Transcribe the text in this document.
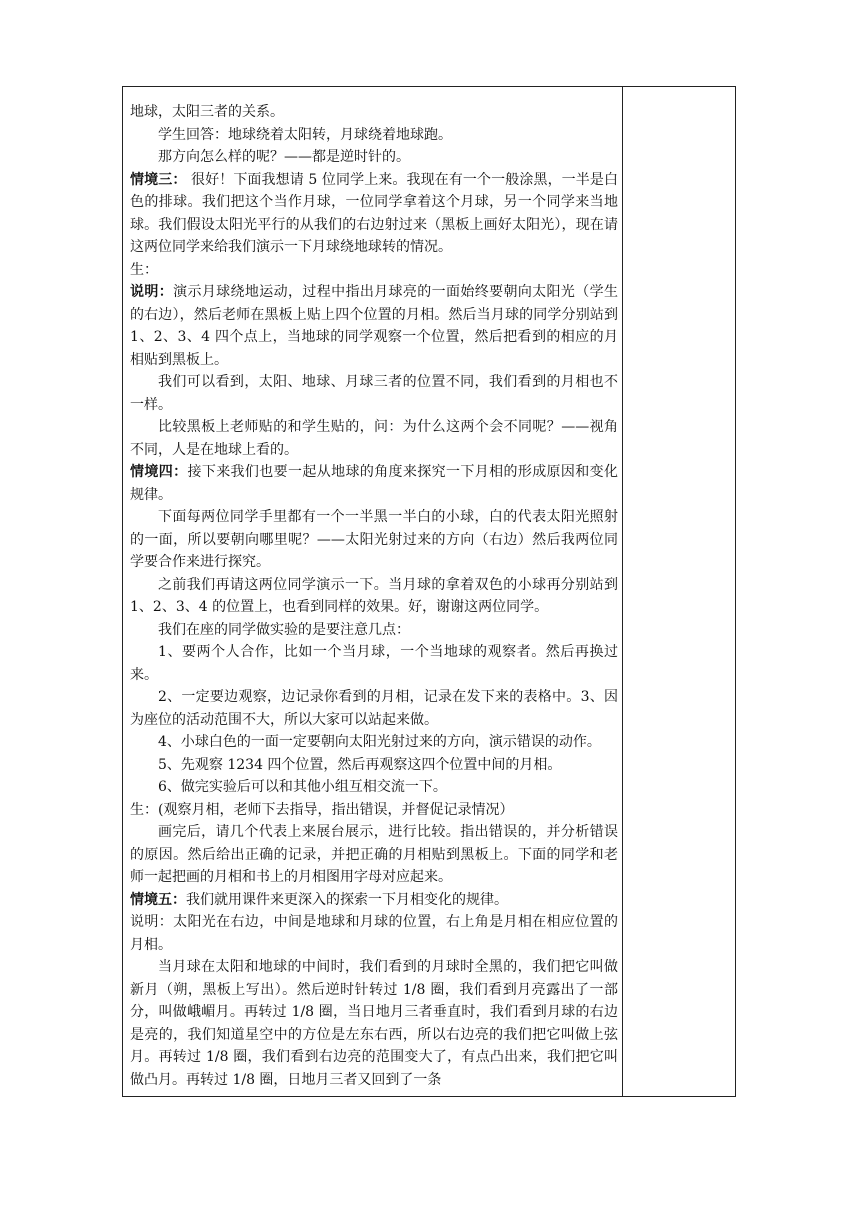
地球，太阳三者的关系。

学生回答：地球绕着太阳转，月球绕着地球跑。

那方向怎么样的呢？——都是逆时针的。

情境三： 很好！下面我想请 5 位同学上来。我现在有一个一般涂黑，一半是白色的排球。我们把这个当作月球，一位同学拿着这个月球，另一个同学来当地球。我们假设太阳光平行的从我们的右边射过来（黑板上画好太阳光），现在请这两位同学来给我们演示一下月球绕地球转的情况。

生：

说明：演示月球绕地运动，过程中指出月球亮的一面始终要朝向太阳光（学生的右边），然后老师在黑板上贴上四个位置的月相。然后当月球的同学分别站到 1、2、3、4 四个点上，当地球的同学观察一个位置，然后把看到的相应的月相贴到黑板上。

我们可以看到，太阳、地球、月球三者的位置不同，我们看到的月相也不一样。

比较黑板上老师贴的和学生贴的，问：为什么这两个会不同呢？——视角不同，人是在地球上看的。

情境四：接下来我们也要一起从地球的角度来探究一下月相的形成原因和变化规律。

下面每两位同学手里都有一个一半黑一半白的小球，白的代表太阳光照射的一面，所以要朝向哪里呢？——太阳光射过来的方向（右边）然后我两位同学要合作来进行探究。

之前我们再请这两位同学演示一下。当月球的拿着双色的小球再分别站到 1、2、3、4 的位置上，也看到同样的效果。好，谢谢这两位同学。

我们在座的同学做实验的是要注意几点：

1、要两个人合作，比如一个当月球，一个当地球的观察者。然后再换过来。

2、一定要边观察，边记录你看到的月相，记录在发下来的表格中。3、因为座位的活动范围不大，所以大家可以站起来做。

4、小球白色的一面一定要朝向太阳光射过来的方向，演示错误的动作。

5、先观察 1234 四个位置，然后再观察这四个位置中间的月相。

6、做完实验后可以和其他小组互相交流一下。

生：(观察月相，老师下去指导，指出错误，并督促记录情况）

画完后，请几个代表上来展台展示，进行比较。指出错误的，并分析错误的原因。然后给出正确的记录，并把正确的月相贴到黑板上。下面的同学和老师一起把画的月相和书上的月相图用字母对应起来。

情境五：我们就用课件来更深入的探索一下月相变化的规律。

说明：太阳光在右边，中间是地球和月球的位置，右上角是月相在相应位置的月相。

当月球在太阳和地球的中间时，我们看到的月球时全黑的，我们把它叫做新月（朔，黑板上写出）。然后逆时针转过 1/8 圈，我们看到月亮露出了一部分，叫做峨嵋月。再转过 1/8 圈，当日地月三者垂直时，我们看到月球的右边是亮的，我们知道星空中的方位是左东右西，所以右边亮的我们把它叫做上弦月。再转过 1/8 圈，我们看到右边亮的范围变大了，有点凸出来，我们把它叫做凸月。再转过 1/8 圈，日地月三者又回到了一条
